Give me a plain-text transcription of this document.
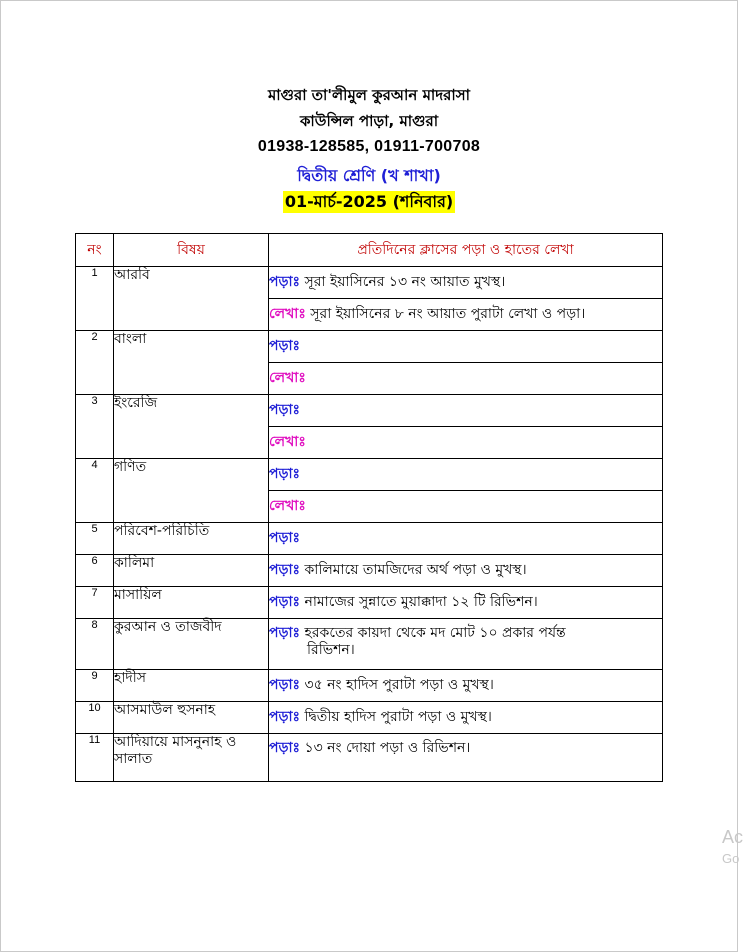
মাগুরা তা'লীমুল কুরআন মাদরাসা
কাউন্সিল পাড়া, মাগুরা
01938-128585, 01911-700708
দ্বিতীয় শ্রেণি (খ শাখা)
01-মার্চ-2025 (শনিবার)
নং	বিষয়	প্রতিদিনের ক্লাসের পড়া ও হাতের লেখা
1	আরবি	পড়াঃ সূরা ইয়াসিনের ১৩ নং আয়াত মুখস্থ।
		লেখাঃ সূরা ইয়াসিনের ৮ নং আয়াত পুরাটা লেখা ও পড়া।
2	বাংলা	পড়াঃ
		লেখাঃ
3	ইংরেজি	পড়াঃ
		লেখাঃ
4	গণিত	পড়াঃ
		লেখাঃ
5	পরিবেশ-পরিচিতি	পড়াঃ
6	কালিমা	পড়াঃ কালিমায়ে তামজিদের অর্থ পড়া ও মুখস্থ।
7	মাসায়িল	পড়াঃ নামাজের সুন্নাতে মুয়াক্কাদা ১২ টি রিভিশন।
8	কুরআন ও তাজবীদ	পড়াঃ হরকতের কায়দা থেকে মদ মোট ১০ প্রকার পর্যন্ত
রিভিশন।

9	হাদীস	পড়াঃ ৩৫ নং হাদিস পুরাটা পড়া ও মুখস্থ।
10	আসমাউল হুসনাহ	পড়াঃ দ্বিতীয় হাদিস পুরাটা পড়া ও মুখস্থ।
11	আদিয়ায়ে মাসনুনাহ ও সালাত	পড়াঃ ১৩ নং দোয়া পড়া ও রিভিশন।
Ac
Go
